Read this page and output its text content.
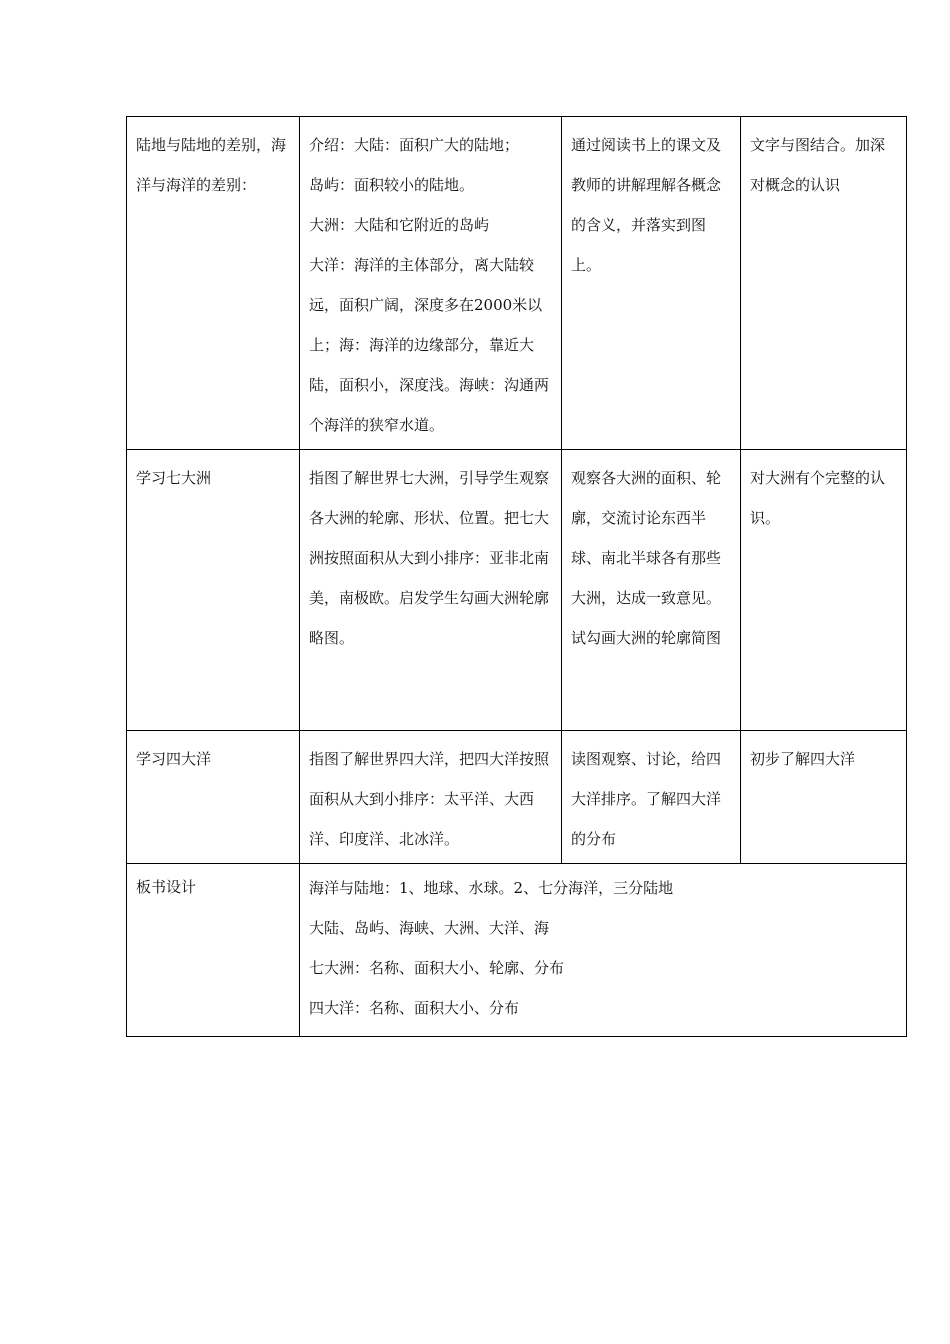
陆地与陆地的差别，海洋与海洋的差别：	介绍：大陆：面积广大的陆地；
岛屿：面积较小的陆地。
大洲：大陆和它附近的岛屿
大洋：海洋的主体部分，离大陆较远，面积广阔，深度多在2000米以上；海：海洋的边缘部分，靠近大陆，面积小，深度浅。海峡：沟通两个海洋的狭窄水道。	通过阅读书上的课文及教师的讲解理解各概念的含义，并落实到图上。	文字与图结合。加深对概念的认识
学习七大洲	指图了解世界七大洲，引导学生观察各大洲的轮廓、形状、位置。把七大洲按照面积从大到小排序：亚非北南美，南极欧。启发学生勾画大洲轮廓略图。	观察各大洲的面积、轮廓，交流讨论东西半球、南北半球各有那些大洲，达成一致意见。试勾画大洲的轮廓简图	对大洲有个完整的认识。
学习四大洋	指图了解世界四大洋，把四大洋按照面积从大到小排序：太平洋、大西洋、印度洋、北冰洋。	读图观察、讨论，给四大洋排序。了解四大洋的分布	初步了解四大洋
板书设计	海洋与陆地：1、地球、水球。2、七分海洋，三分陆地
大陆、岛屿、海峡、大洲、大洋、海
七大洲：名称、面积大小、轮廓、分布
四大洋：名称、面积大小、分布		
